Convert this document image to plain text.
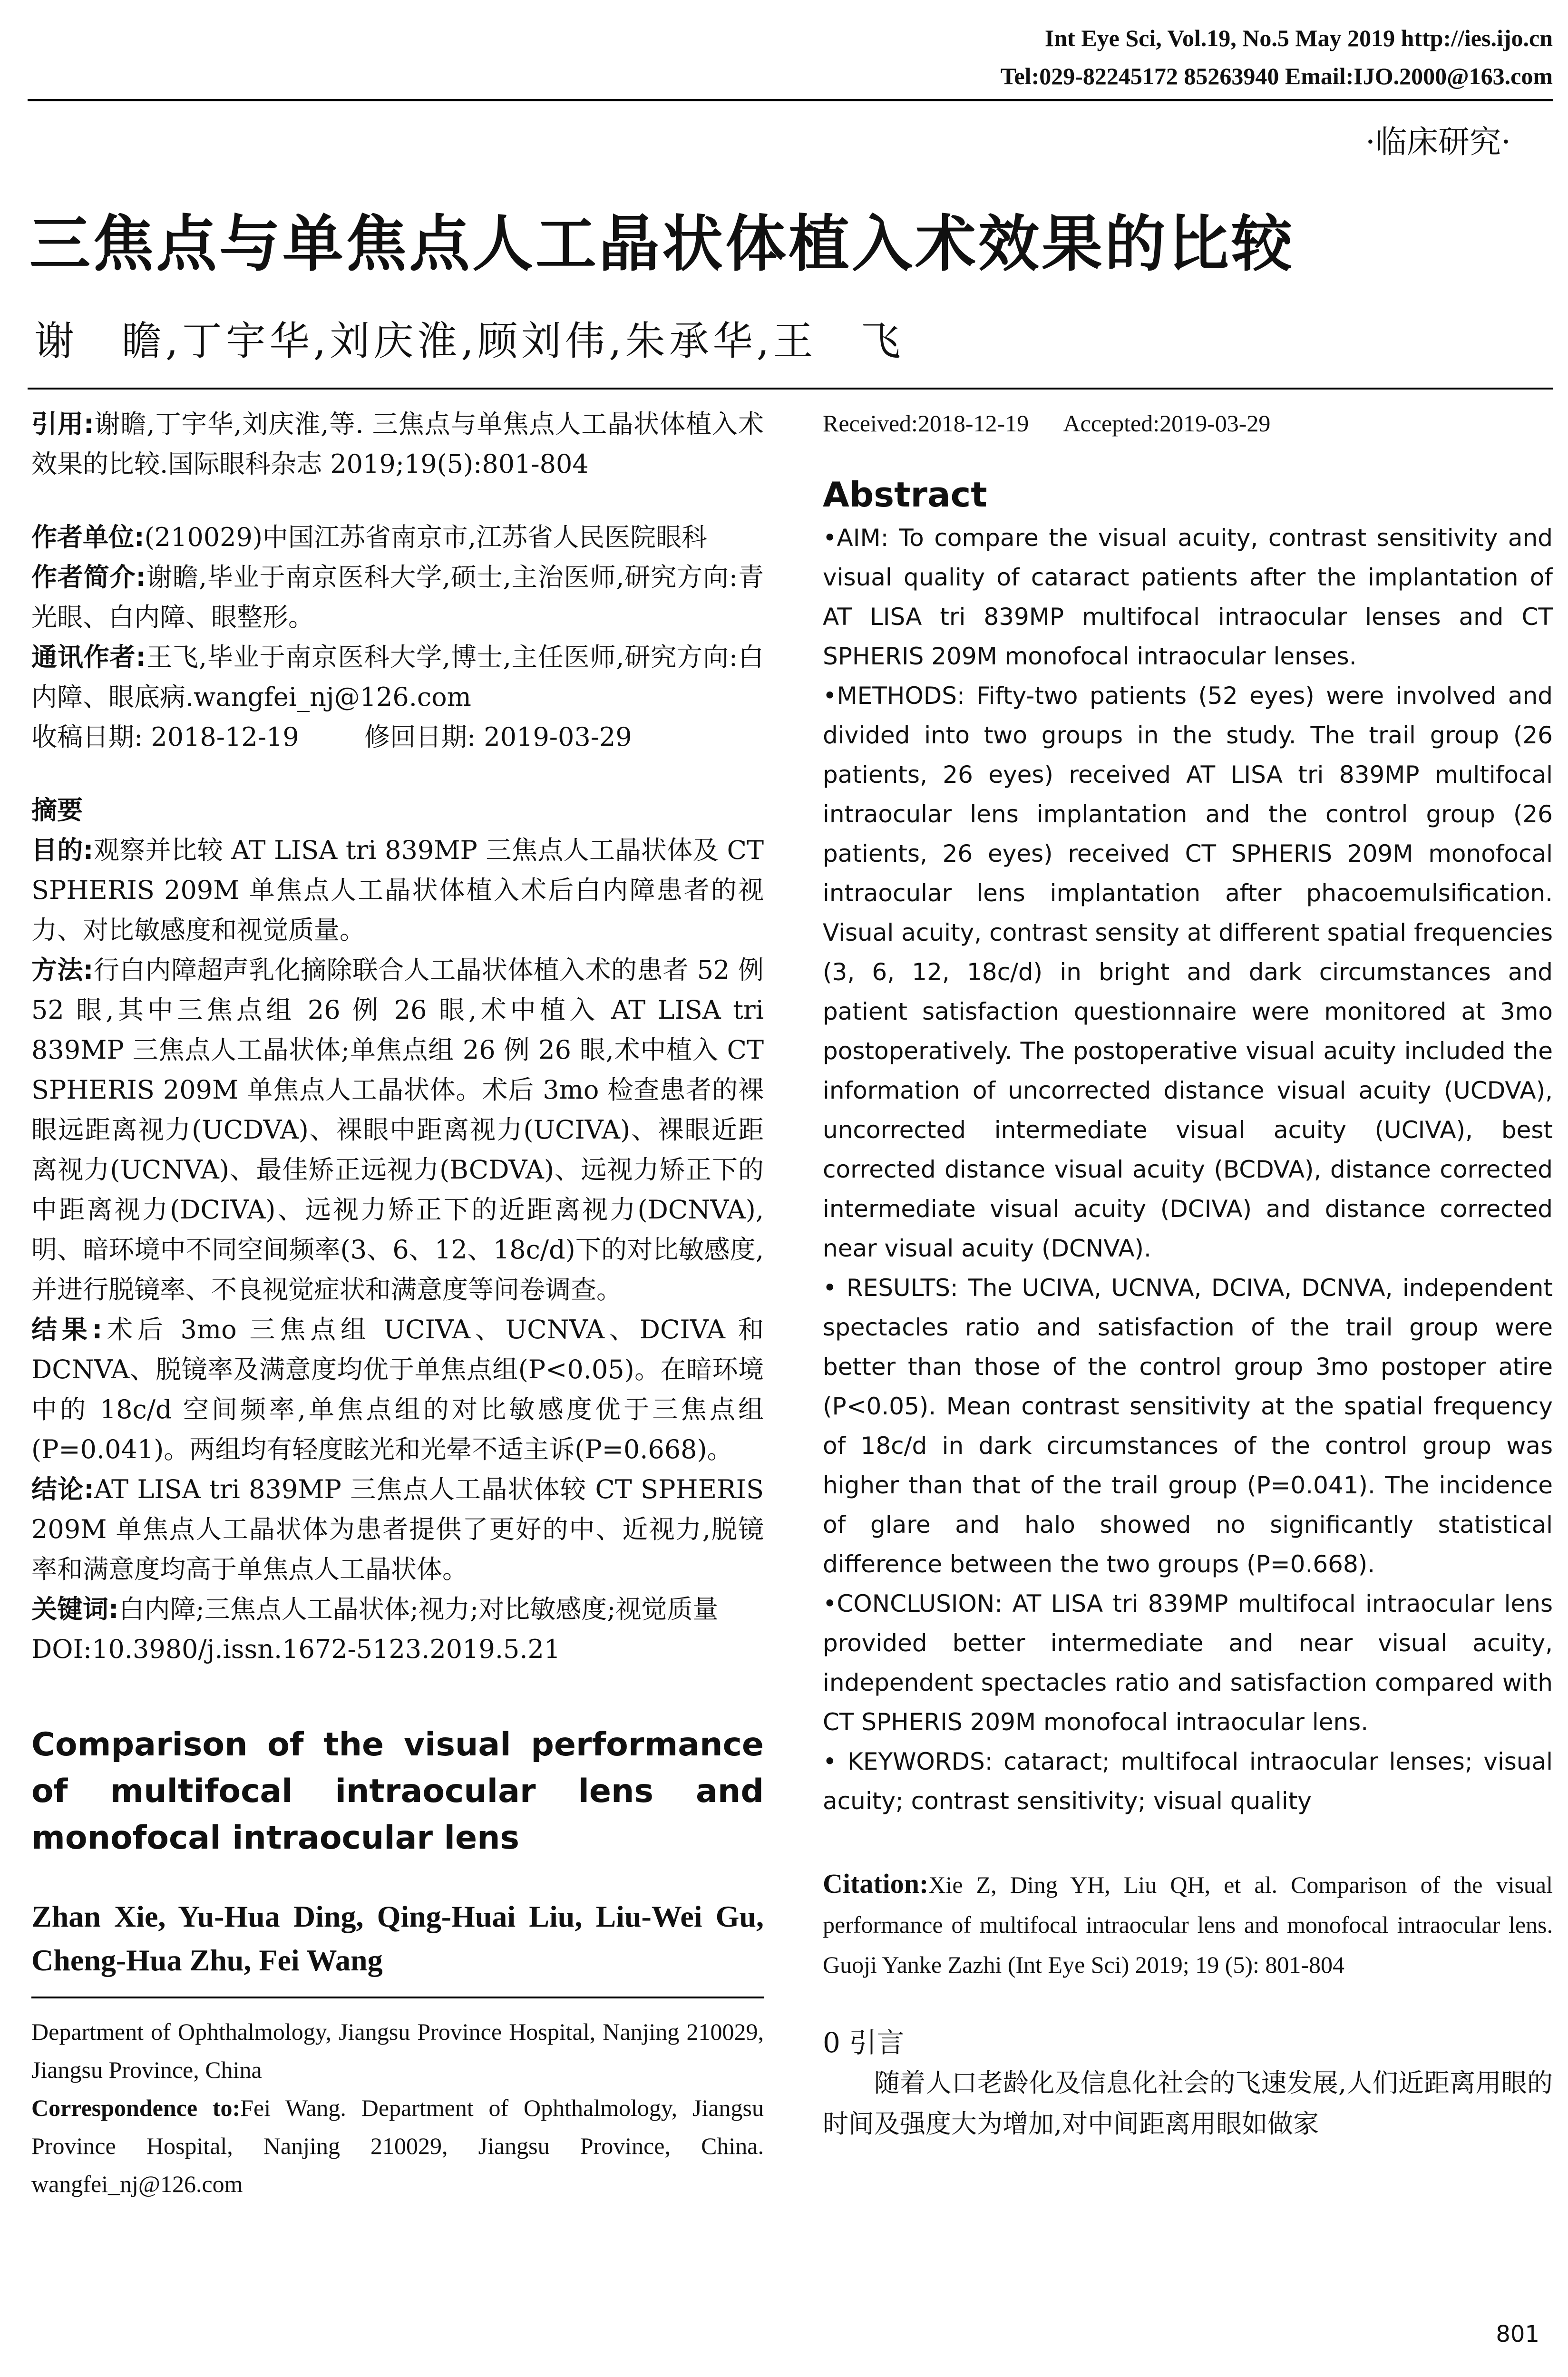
Int Eye Sci, Vol.19, No.5 May 2019 http://ies.ijo.cn
Tel:029-82245172 85263940 Email:IJO.2000@163.com
·临床研究·
三焦点与单焦点人工晶状体植入术效果的比较
谢　瞻,丁宇华,刘庆淮,顾刘伟,朱承华,王　飞

引用:谢瞻,丁宇华,刘庆淮,等. 三焦点与单焦点人工晶状体植入术效果的比较.国际眼科杂志 2019;19(5):801-804

作者单位:(210029)中国江苏省南京市,江苏省人民医院眼科

作者简介:谢瞻,毕业于南京医科大学,硕士,主治医师,研究方向:青光眼、白内障、眼整形。

通讯作者:王飞,毕业于南京医科大学,博士,主任医师,研究方向:白内障、眼底病.wangfei_nj@126.com

收稿日期: 2018-12-19        修回日期: 2019-03-29

摘要

目的:观察并比较 AT LISA tri 839MP 三焦点人工晶状体及 CT SPHERIS 209M 单焦点人工晶状体植入术后白内障患者的视力、对比敏感度和视觉质量。

方法:行白内障超声乳化摘除联合人工晶状体植入术的患者 52 例 52 眼,其中三焦点组 26 例 26 眼,术中植入 AT LISA tri 839MP 三焦点人工晶状体;单焦点组 26 例 26 眼,术中植入 CT SPHERIS 209M 单焦点人工晶状体。术后 3mo 检查患者的裸眼远距离视力(UCDVA)、裸眼中距离视力(UCIVA)、裸眼近距离视力(UCNVA)、最佳矫正远视力(BCDVA)、远视力矫正下的中距离视力(DCIVA)、远视力矫正下的近距离视力(DCNVA),明、暗环境中不同空间频率(3、6、12、18c/d)下的对比敏感度,并进行脱镜率、不良视觉症状和满意度等问卷调查。

结果:术后 3mo 三焦点组 UCIVA、UCNVA、DCIVA 和 DCNVA、脱镜率及满意度均优于单焦点组(P<0.05)。在暗环境中的 18c/d 空间频率,单焦点组的对比敏感度优于三焦点组(P=0.041)。两组均有轻度眩光和光晕不适主诉(P=0.668)。

结论:AT LISA tri 839MP 三焦点人工晶状体较 CT SPHERIS 209M 单焦点人工晶状体为患者提供了更好的中、近视力,脱镜率和满意度均高于单焦点人工晶状体。

关键词:白内障;三焦点人工晶状体;视力;对比敏感度;视觉质量

DOI:10.3980/j.issn.1672-5123.2019.5.21

Comparison of the visual performance of multifocal intraocular lens and monofocal intraocular lens

Zhan Xie, Yu-Hua Ding, Qing-Huai Liu, Liu-Wei Gu, Cheng-Hua Zhu, Fei Wang

Department of Ophthalmology, Jiangsu Province Hospital, Nanjing 210029, Jiangsu Province, China

Correspondence to:Fei Wang. Department of Ophthalmology, Jiangsu Province Hospital, Nanjing 210029, Jiangsu Province, China. wangfei_nj@126.com

Received:2018-12-19      Accepted:2019-03-29

Abstract

•AIM: To compare the visual acuity, contrast sensitivity and visual quality of cataract patients after the implantation of AT LISA tri 839MP multifocal intraocular lenses and CT SPHERIS 209M monofocal intraocular lenses.

•METHODS: Fifty-two patients (52 eyes) were involved and divided into two groups in the study. The trail group (26 patients, 26 eyes) received AT LISA tri 839MP multifocal intraocular lens implantation and the control group (26 patients, 26 eyes) received CT SPHERIS 209M monofocal intraocular lens implantation after phacoemulsification. Visual acuity, contrast sensity at different spatial frequencies (3, 6, 12, 18c/d) in bright and dark circumstances and patient satisfaction questionnaire were monitored at 3mo postoperatively. The postoperative visual acuity included the information of uncorrected distance visual acuity (UCDVA), uncorrected intermediate visual acuity (UCIVA), best corrected distance visual acuity (BCDVA), distance corrected intermediate visual acuity (DCIVA) and distance corrected near visual acuity (DCNVA).

• RESULTS: The UCIVA, UCNVA, DCIVA, DCNVA, independent spectacles ratio and satisfaction of the trail group were better than those of the control group 3mo postoper atire (P<0.05). Mean contrast sensitivity at the spatial frequency of 18c/d in dark circumstances of the control group was higher than that of the trail group (P=0.041). The incidence of glare and halo showed no significantly statistical difference between the two groups (P=0.668).

•CONCLUSION: AT LISA tri 839MP multifocal intraocular lens provided better intermediate and near visual acuity, independent spectacles ratio and satisfaction compared with CT SPHERIS 209M monofocal intraocular lens.

• KEYWORDS: cataract; multifocal intraocular lenses; visual acuity; contrast sensitivity; visual quality

Citation:Xie Z, Ding YH, Liu QH, et al. Comparison of the visual performance of multifocal intraocular lens and monofocal intraocular lens. Guoji Yanke Zazhi (Int Eye Sci) 2019; 19 (5): 801-804

0 引言

随着人口老龄化及信息化社会的飞速发展,人们近距离用眼的时间及强度大为增加,对中间距离用眼如做家

801
